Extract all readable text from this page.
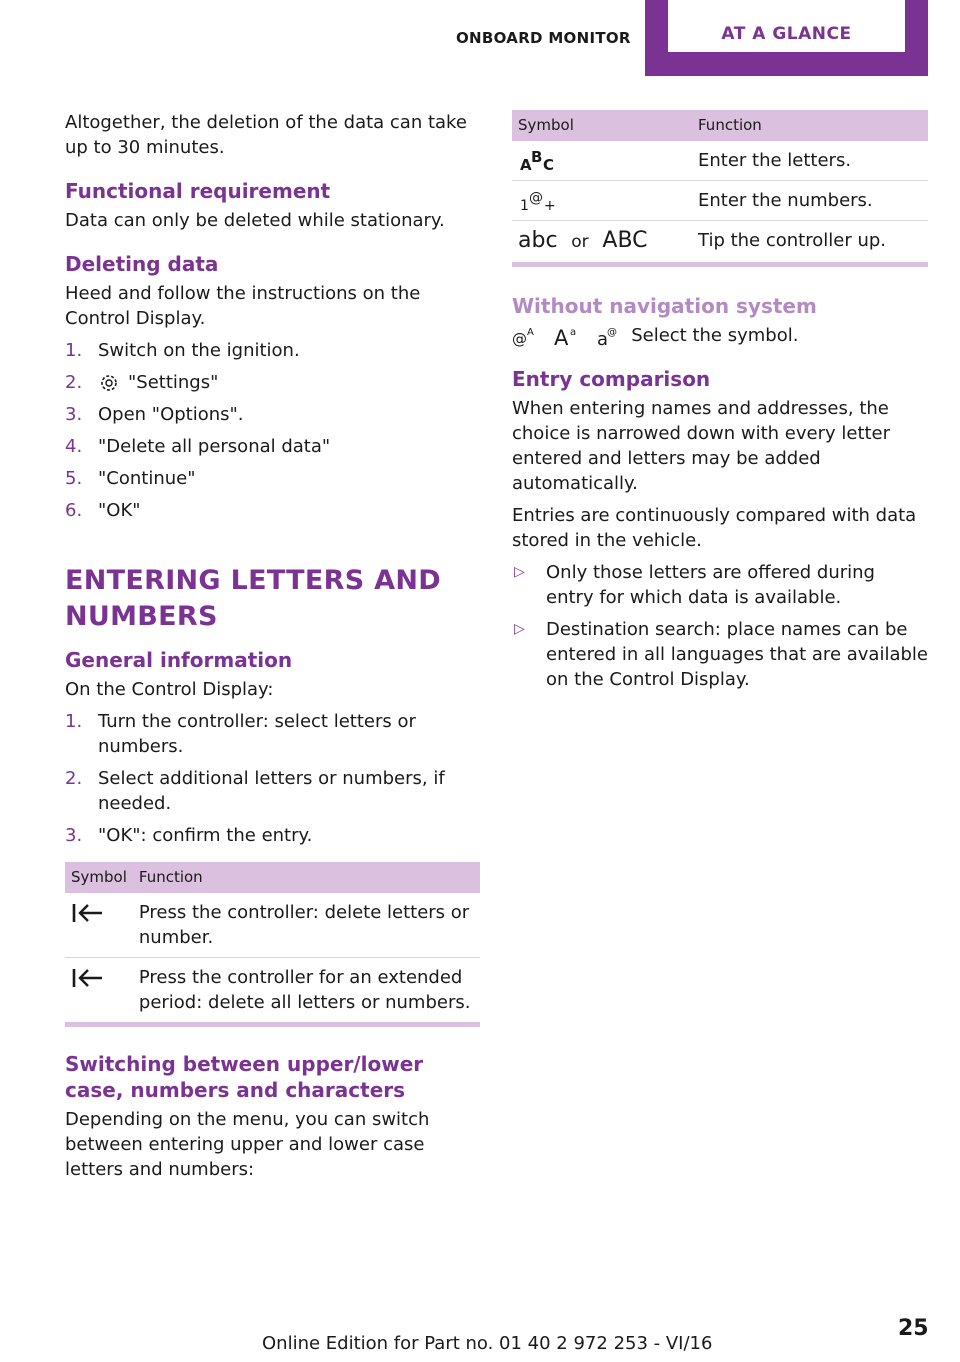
ONBOARD MONITOR	AT A GLANCE

Altogether, the deletion of the data can take up to 30 minutes.

Functional requirement

Data can only be deleted while stationary.

Deleting data

Heed and follow the instructions on the Control Display.

1. Switch on the ignition.
2.	"Settings"
3. Open "Options".
4. "Delete all personal data"
5. "Continue"
6. "OK"
ENTERING LETTERS AND NUMBERS
General information

On the Control Display:

1. Turn the controller: select letters or numbers.
2. Select additional letters or numbers, if needed.
3. "OK": confirm the entry.
Symbol	Function
	Press the controller: delete letters or number.
	Press the controller for an extended period: delete all letters or numbers.
Switching between upper/lower case, numbers and characters

Depending on the menu, you can switch between entering upper and lower case letters and numbers:

Symbol	Function

A B C	Enter the letters.

1 @ +	Enter the numbers.
abc or ABC	Tip the controller up.
Without navigation system

@ A
A a
a
@ Select the symbol.

Entry comparison

When entering names and addresses, the choice is narrowed down with every letter entered and letters may be added automatically.

Entries are continuously compared with data stored in the vehicle.

▷ Only those letters are offered during entry for which data is available.
▷ Destination search: place names can be entered in all languages that are available on the Control Display.
Online Edition for Part no. 01 40 2 972 253 - VI/16
25
